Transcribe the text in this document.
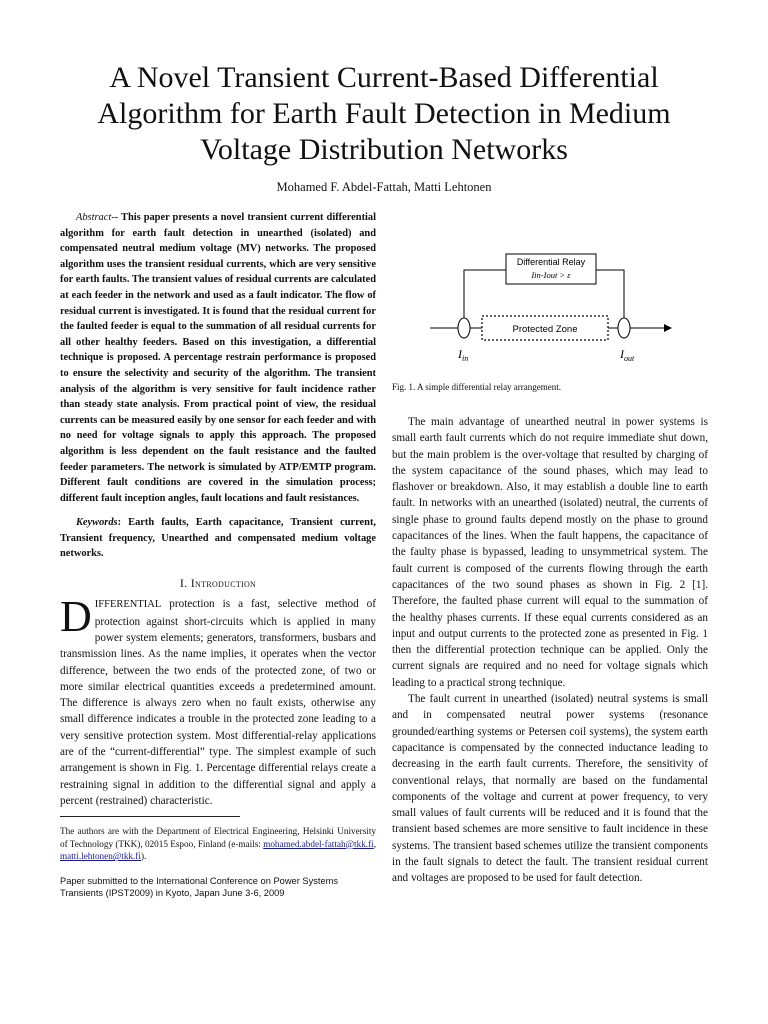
A Novel Transient Current-Based Differential
Algorithm for Earth Fault Detection in Medium
Voltage Distribution Networks
Mohamed F. Abdel-Fattah, Matti Lehtonen

Abstract-- This paper presents a novel transient current differential algorithm for earth fault detection in unearthed (isolated) and compensated neutral medium voltage (MV) networks. The proposed algorithm uses the transient residual currents, which are very sensitive for earth faults. The transient values of residual currents are calculated at each feeder in the network and used as a fault indicator. The flow of residual current is investigated. It is found that the residual current for the faulted feeder is equal to the summation of all residual currents for all other healthy feeders. Based on this investigation, a differential technique is proposed. A percentage restrain performance is proposed to ensure the selectivity and security of the algorithm. The transient analysis of the algorithm is very sensitive for fault incidence rather than steady state analysis. From practical point of view, the residual currents can be measured easily by one sensor for each feeder and with no need for voltage signals to apply this approach. The proposed algorithm is less dependent on the fault resistance and the faulted feeder parameters. The network is simulated by ATP/EMTP program. Different fault conditions are covered in the simulation process; different fault inception angles, fault locations and fault resistances.

Keywords: Earth faults, Earth capacitance, Transient current, Transient frequency, Unearthed and compensated medium voltage networks.

I. Introduction

DIFFERENTIAL protection is a fast, selective method of protection against short-circuits which is applied in many power system elements; generators, transformers, busbars and transmission lines. As the name implies, it operates when the vector difference, between the two ends of the protected zone, of two or more similar electrical quantities exceeds a predetermined amount. The difference is always zero when no fault exists, otherwise any small difference indicates a trouble in the protected zone leading to a very sensitive protection system. Most differential-relay applications are of the “current-differential” type. The simplest example of such arrangement is shown in Fig. 1. Percentage differential relays create a restraining signal in addition to the differential signal and apply a percent (restrained) characteristic.

The authors are with the Department of Electrical Engineering, Helsinki University of Technology (TKK), 02015 Espoo, Finland (e-mails: mohamed.abdel-fattah@tkk.fi, matti.lehtonen@tkk.fi).

Paper submitted to the International Conference on Power Systems Transients (IPST2009) in Kyoto, Japan June 3-6, 2009

Differential Relay
Iin-Iout > ε
Protected Zone
$I_{in}$	$I_{out}$
Fig. 1. A simple differential relay arrangement.

The main advantage of unearthed neutral in power systems is small earth fault currents which do not require immediate shut down, but the main problem is the over-voltage that resulted by charging of the system capacitance of the sound phases, which may lead to flashover or breakdown. Also, it may establish a double line to earth fault. In networks with an unearthed (isolated) neutral, the currents of single phase to ground faults depend mostly on the phase to ground capacitances of the lines. When the fault happens, the capacitance of the faulty phase is bypassed, leading to unsymmetrical system. The fault current is composed of the currents flowing through the earth capacitances of the two sound phases as shown in Fig. 2 [1]. Therefore, the faulted phase current will equal to the summation of the healthy phases currents. If these equal currents considered as an input and output currents to the protected zone as presented in Fig. 1 then the differential protection technique can be applied. Only the current signals are required and no need for voltage signals which leading to a practical strong technique.

The fault current in unearthed (isolated) neutral systems is small and in compensated neutral power systems (resonance grounded/earthing systems or Petersen coil systems), the system earth capacitance is compensated by the connected inductance leading to decreasing in the earth fault currents. Therefore, the sensitivity of conventional relays, that normally are based on the fundamental components of the voltage and current at power frequency, to very small values of fault currents will be reduced and it is found that the transient based schemes are more sensitive to fault incidence in these systems. The transient based schemes utilize the transient components in the fault signals to detect the fault. The transient residual current and voltages are proposed to be used for fault detection.
